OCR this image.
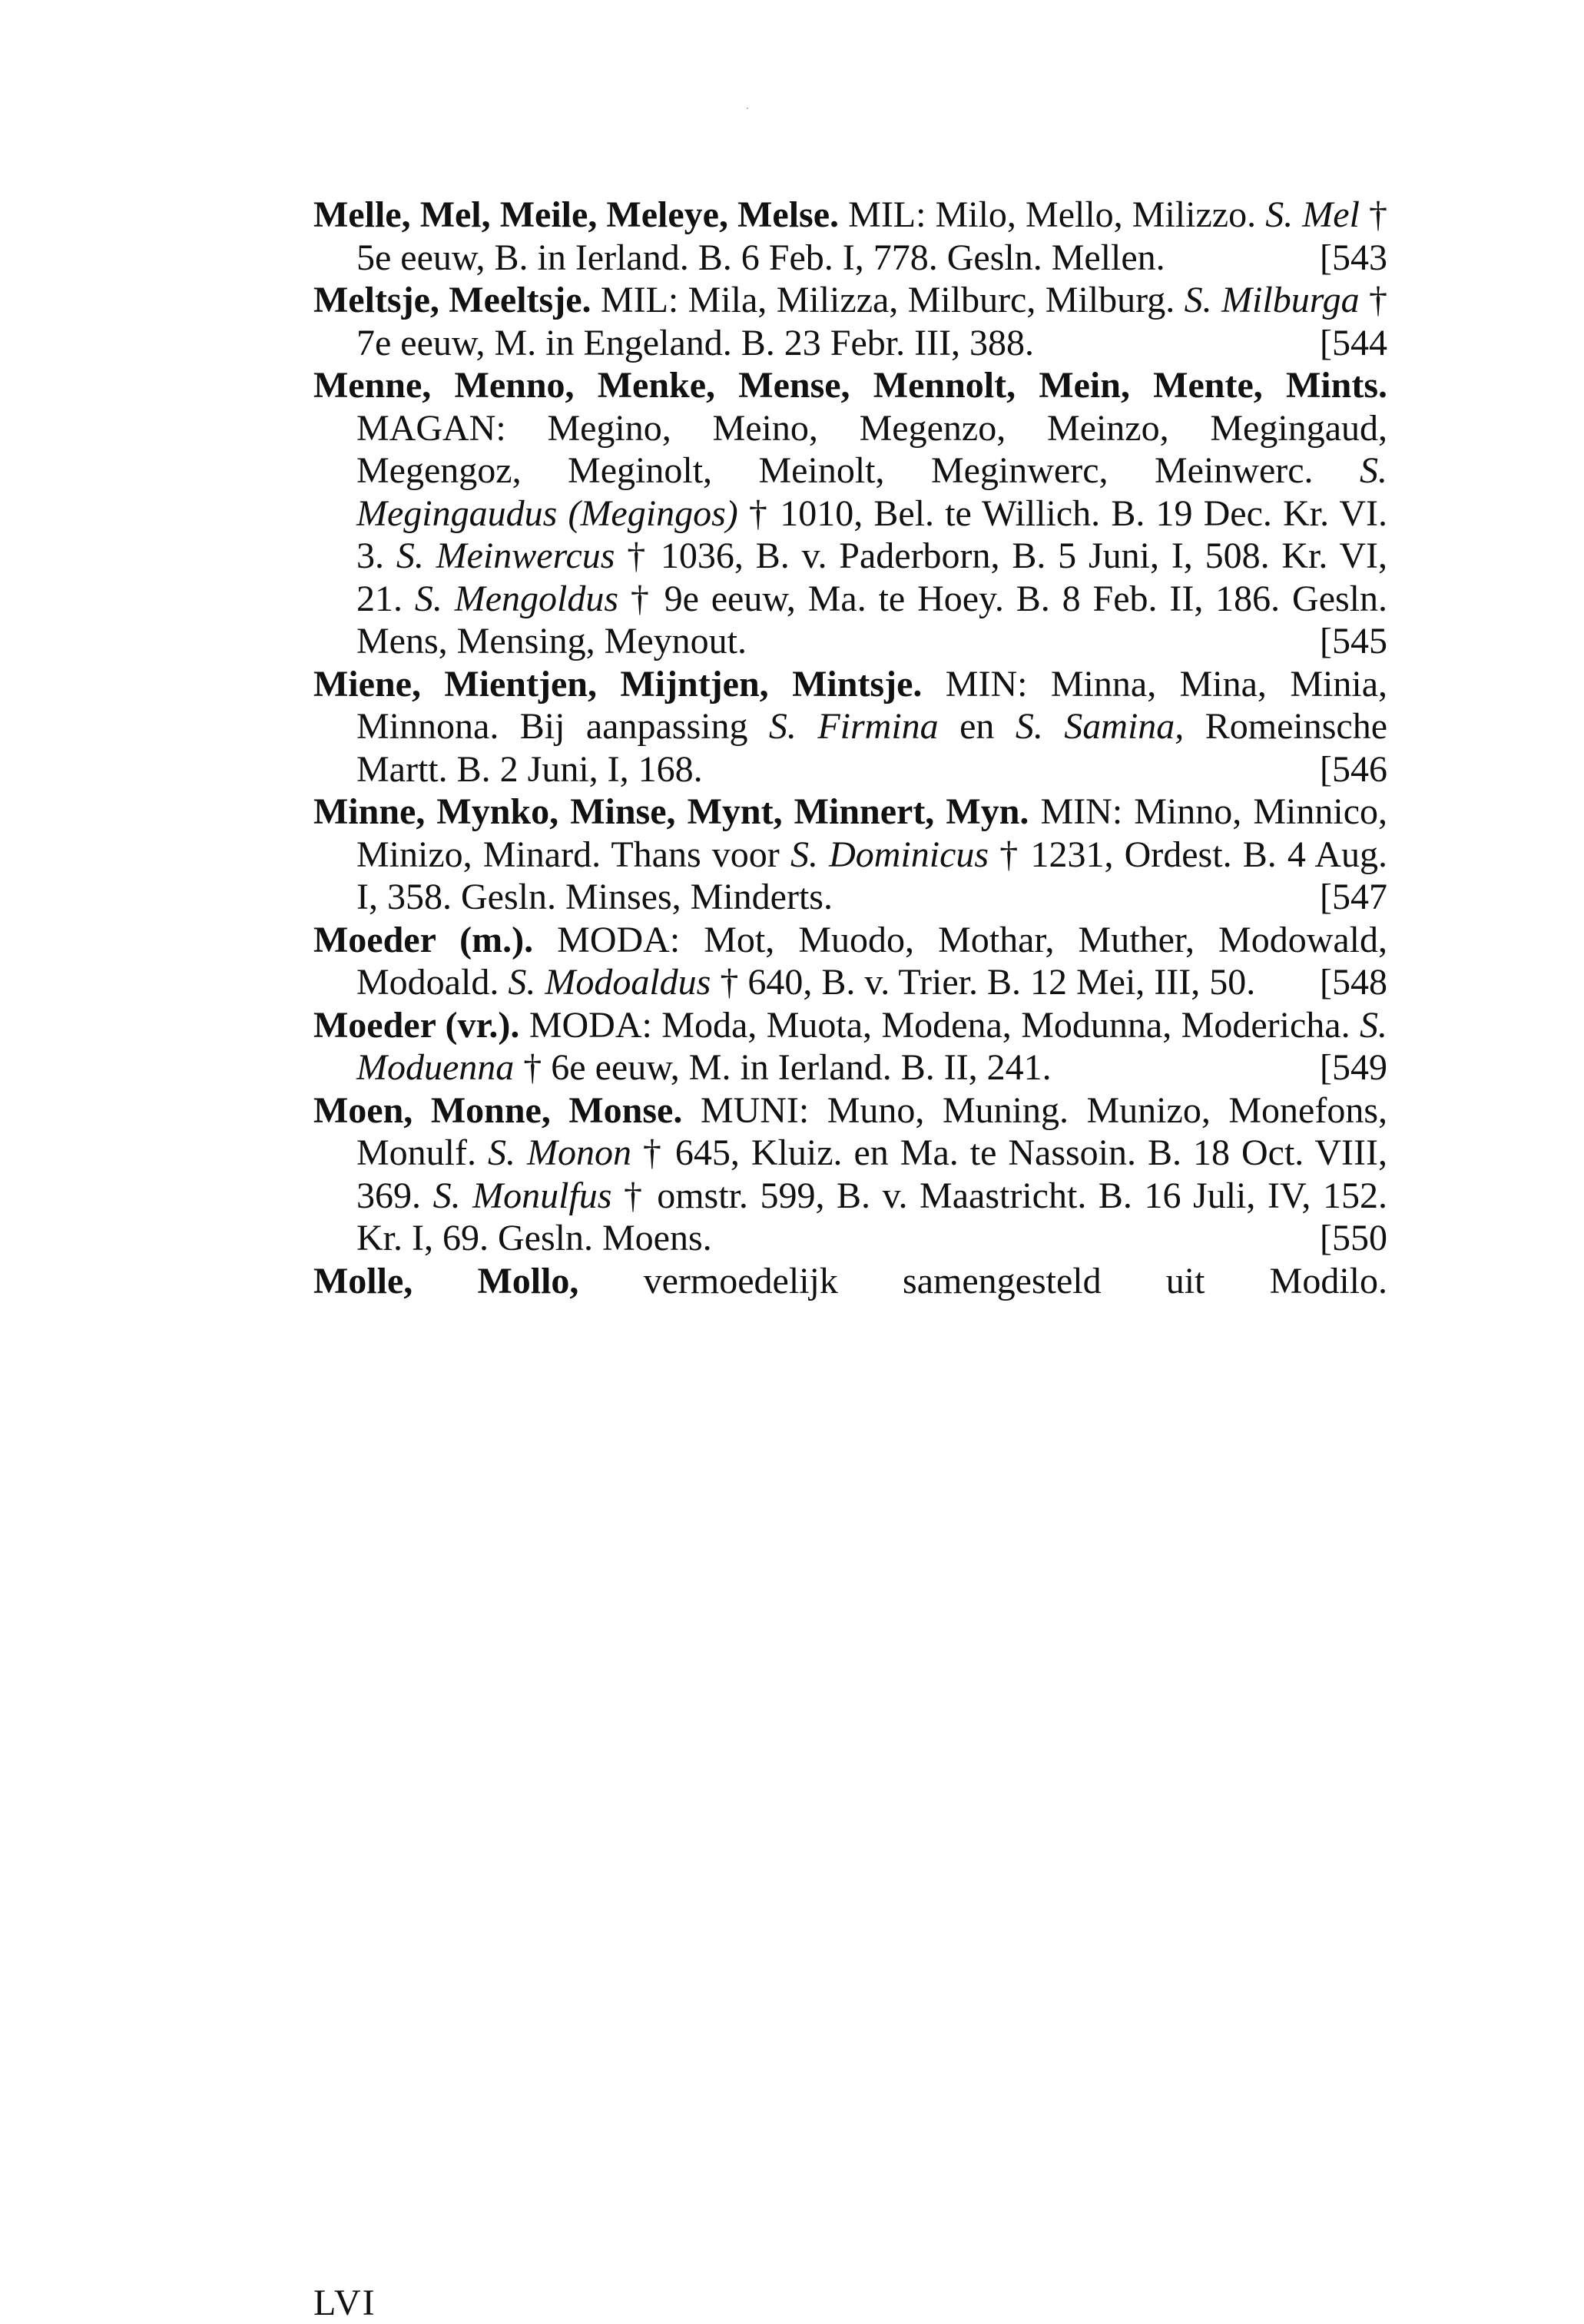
Melle, Mel, Meile, Meleye, Melse. MIL: Milo, Mello, Milizzo. S. Mel † 5e eeuw, B. in Ierland. B. 6 Feb. I, 778. Gesln. Mellen.	[543

Meltsje, Meeltsje. MIL: Mila, Milizza, Milburc, Milburg. S. Milburga † 7e eeuw, M. in Engeland. B. 23 Febr. III, 388.	[544

Menne, Menno, Menke, Mense, Mennolt, Mein, Mente, Mints. MAGAN: Megino, Meino, Megenzo, Meinzo, Megingaud, Megengoz, Meginolt, Meinolt, Meginwerc, Meinwerc. S. Megingaudus (Megingos) † 1010, Bel. te Willich. B. 19 Dec. Kr. VI. 3. S. Meinwercus † 1036, B. v. Paderborn, B. 5 Juni, I, 508. Kr. VI, 21. S. Mengoldus † 9e eeuw, Ma. te Hoey. B. 8 Feb. II, 186. Gesln. Mens, Mensing, Meynout.	[545

Miene, Mientjen, Mijntjen, Mintsje. MIN: Minna, Mina, Minia, Minnona. Bij aanpassing S. Firmina en S. Samina, Romeinsche Martt. B. 2 Juni, I, 168.	[546

Minne, Mynko, Minse, Mynt, Minnert, Myn. MIN: Minno, Minnico, Minizo, Minard. Thans voor S. Dominicus † 1231, Ordest. B. 4 Aug. I, 358. Gesln. Minses, Minderts.	[547

Moeder (m.). MODA: Mot, Muodo, Mothar, Muther, Modowald, Modoald. S. Modoaldus † 640, B. v. Trier. B. 12 Mei, III, 50. [548

Moeder (vr.). MODA: Moda, Muota, Modena, Modunna, Modericha. S. Moduenna † 6e eeuw, M. in Ierland. B. II, 241.	[549

Moen, Monne, Monse. MUNI: Muno, Muning. Munizo, Monefons, Monulf. S. Monon † 645, Kluiz. en Ma. te Nassoin. B. 18 Oct. VIII, 369. S. Monulfus † omstr. 599, B. v. Maastricht. B. 16 Juli, IV, 152. Kr. I, 69. Gesln. Moens.	[550

Molle, Mollo, vermoedelijk samengesteld uit Modilo.

LVI
